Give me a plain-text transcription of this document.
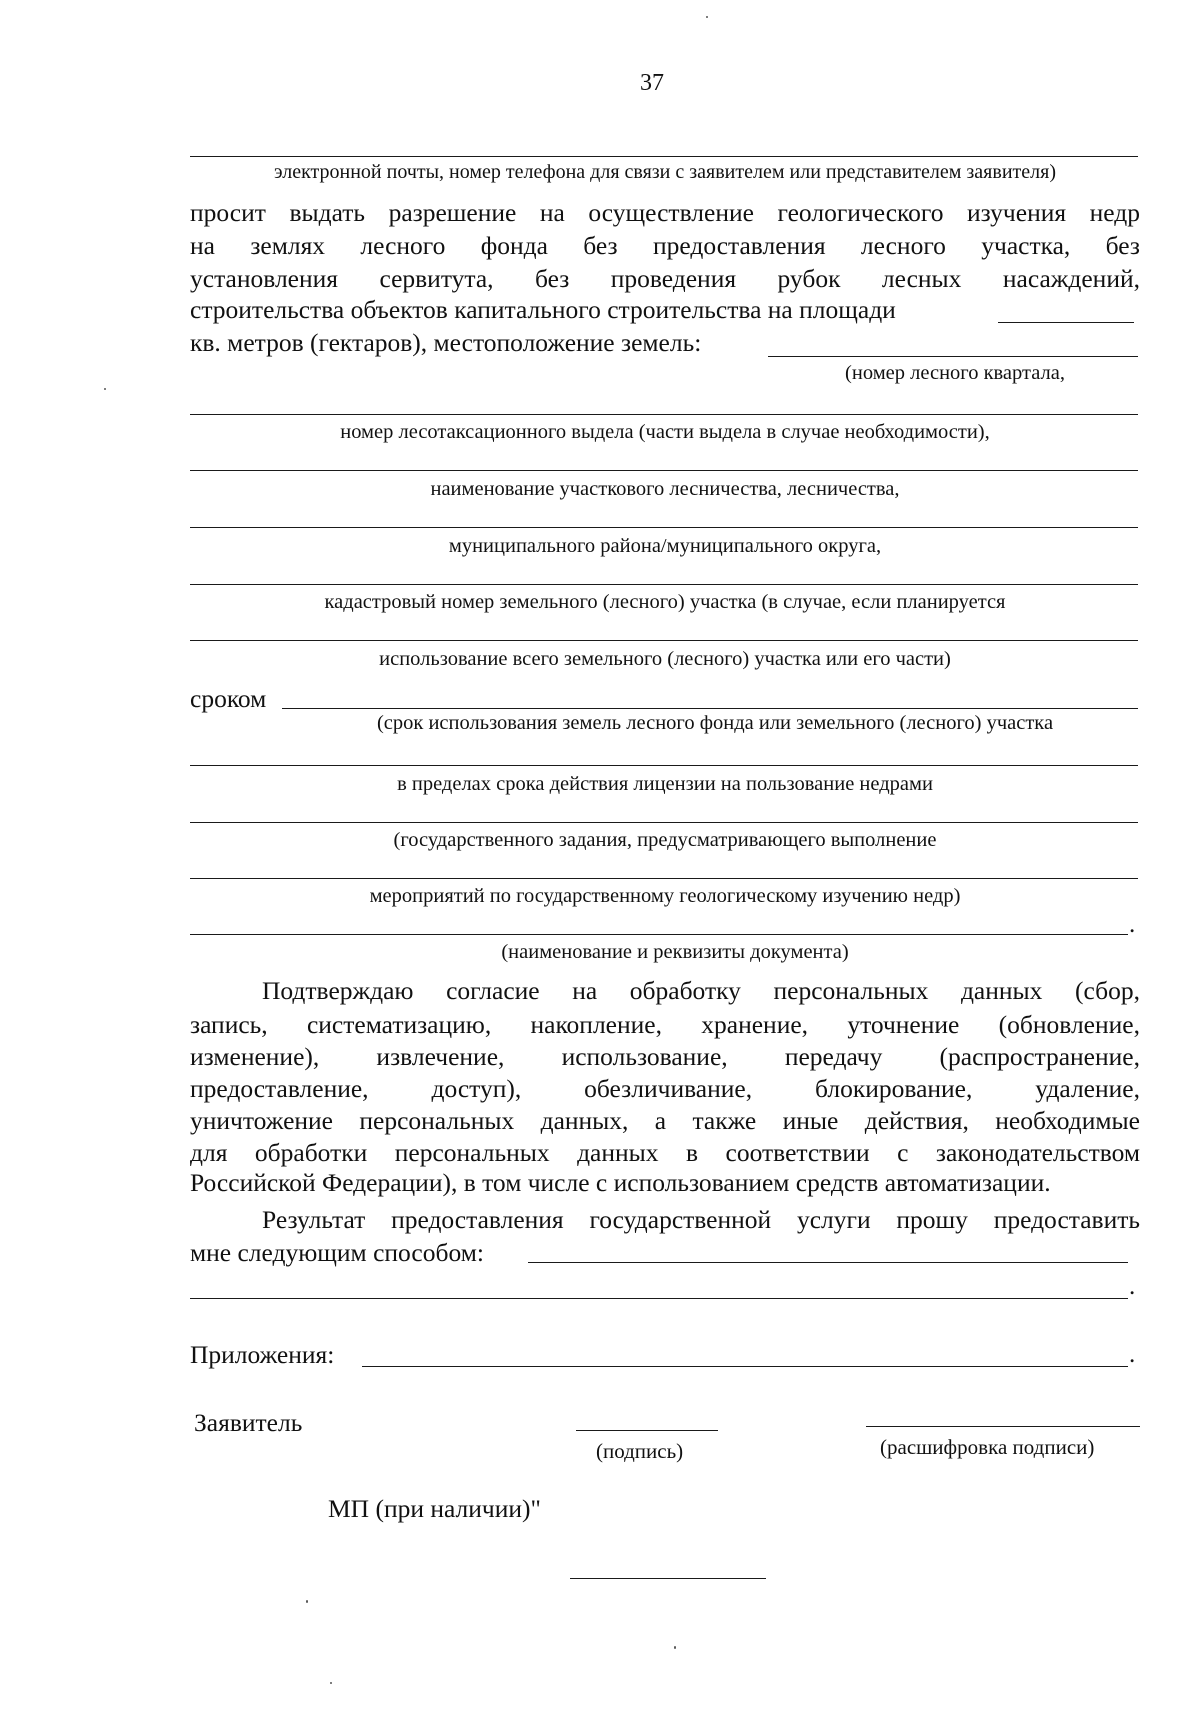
37
электронной почты, номер телефона для связи с заявителем или представителем заявителя)
просит выдать разрешение на осуществление геологического изучения недр
на землях лесного фонда без предоставления лесного участка, без
установления сервитута, без проведения рубок лесных насаждений,
строительства объектов капитального строительства на площади
кв. метров (гектаров), местоположение земель:
(номер лесного квартала,
номер лесотаксационного выдела (части выдела в случае необходимости),
наименование участкового лесничества, лесничества,
муниципального района/муниципального округа,
кадастровый номер земельного (лесного) участка (в случае, если планируется
использование всего земельного (лесного) участка или его части)
сроком
(срок использования земель лесного фонда или земельного (лесного) участка
в пределах срока действия лицензии на пользование недрами
(государственного задания, предусматривающего выполнение
мероприятий по государственному геологическому изучению недр)
.
(наименование и реквизиты документа)
Подтверждаю согласие на обработку персональных данных (сбор,
запись, систематизацию, накопление, хранение, уточнение (обновление,
изменение), извлечение, использование, передачу (распространение,
предоставление, доступ), обезличивание, блокирование, удаление,
уничтожение персональных данных, а также иные действия, необходимые
для обработки персональных данных в соответствии с законодательством
Российской Федерации), в том числе с использованием средств автоматизации.
Результат предоставления государственной услуги прошу предоставить
мне следующим способом:
.
Приложения:	.
Заявитель
(подпись)	(расшифровка подписи)
МП (при наличии)"
